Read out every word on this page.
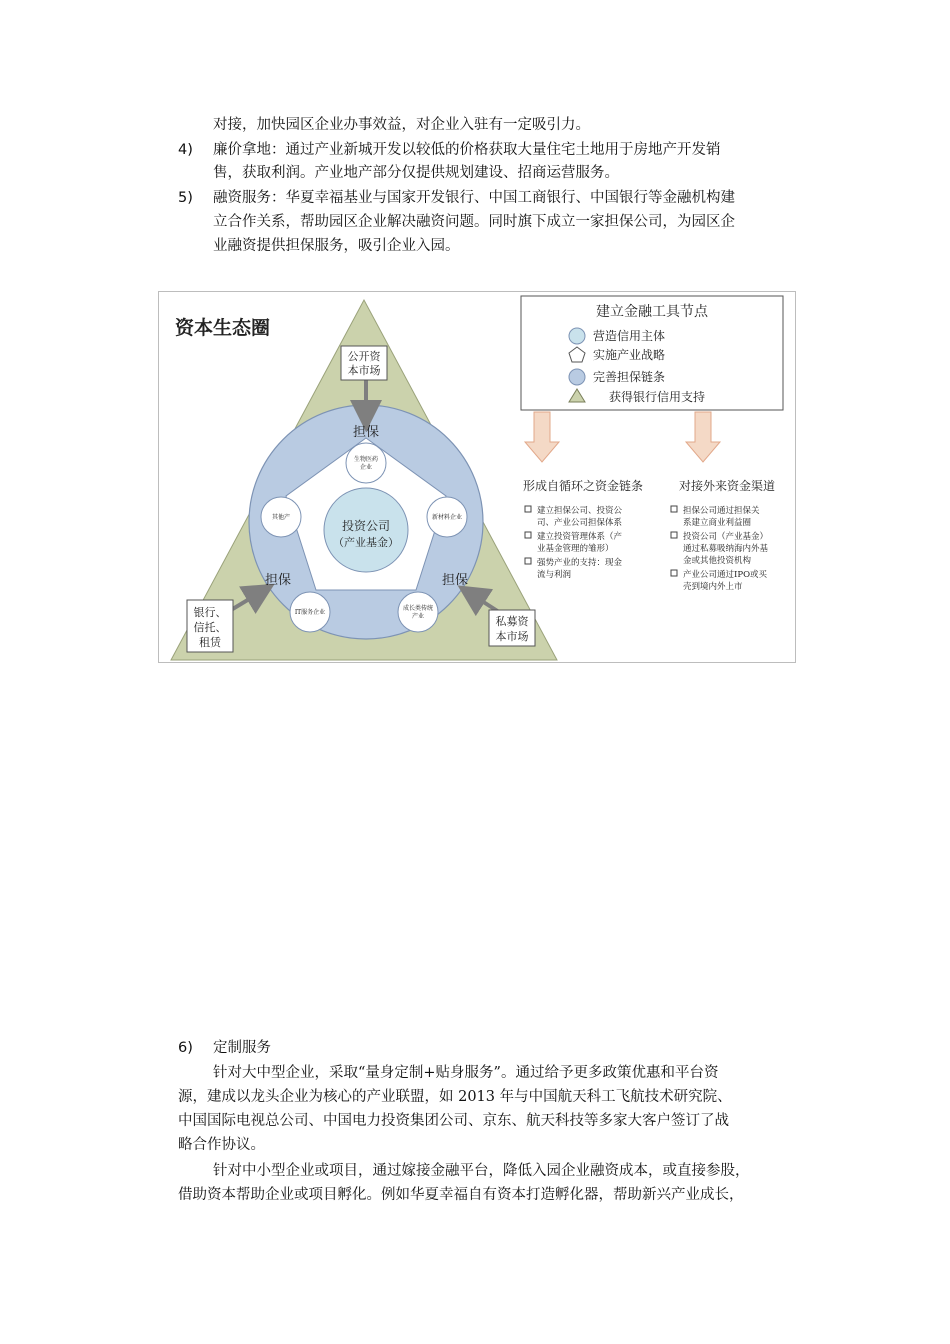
对接，加快园区企业办事效益，对企业入驻有一定吸引力。
4) 廉价拿地：通过产业新城开发以较低的价格获取大量住宅土地用于房地产开发销
售，获取利润。产业地产部分仅提供规划建设、招商运营服务。
5) 融资服务：华夏幸福基业与国家开发银行、中国工商银行、中国银行等金融机构建
立合作关系，帮助园区企业解决融资问题。同时旗下成立一家担保公司，为园区企
业融资提供担保服务，吸引企业入园。
资本生态圈
公开资
本市场
担保
担保	担保
投资公司
（产业基金）
生物医药
企业
其他产	新材料企业
IT服务企业
成长类传统
产业
银行、
信托、
租赁
私募资
本市场
建立金融工具节点
营造信用主体
实施产业战略
完善担保链条
获得银行信用支持
形成自循环之资金链条
建立担保公司、投资公
司、产业公司担保体系
建立投资管理体系（产
业基金管理的雏形）
强势产业的支持：现金
流与利润
对接外来资金渠道
担保公司通过担保关
系建立商业利益圈
投资公司（产业基金）
通过私募吸纳海内外基
金或其他投资机构
产业公司通过IPO或买
壳到境内外上市
6) 定制服务
针对大中型企业，采取“量身定制+贴身服务”。通过给予更多政策优惠和平台资
源，建成以龙头企业为核心的产业联盟，如 2013 年与中国航天科工飞航技术研究院、
中国国际电视总公司、中国电力投资集团公司、京东、航天科技等多家大客户签订了战
略合作协议。
针对中小型企业或项目，通过嫁接金融平台，降低入园企业融资成本，或直接参股，
借助资本帮助企业或项目孵化。例如华夏幸福自有资本打造孵化器，帮助新兴产业成长，
